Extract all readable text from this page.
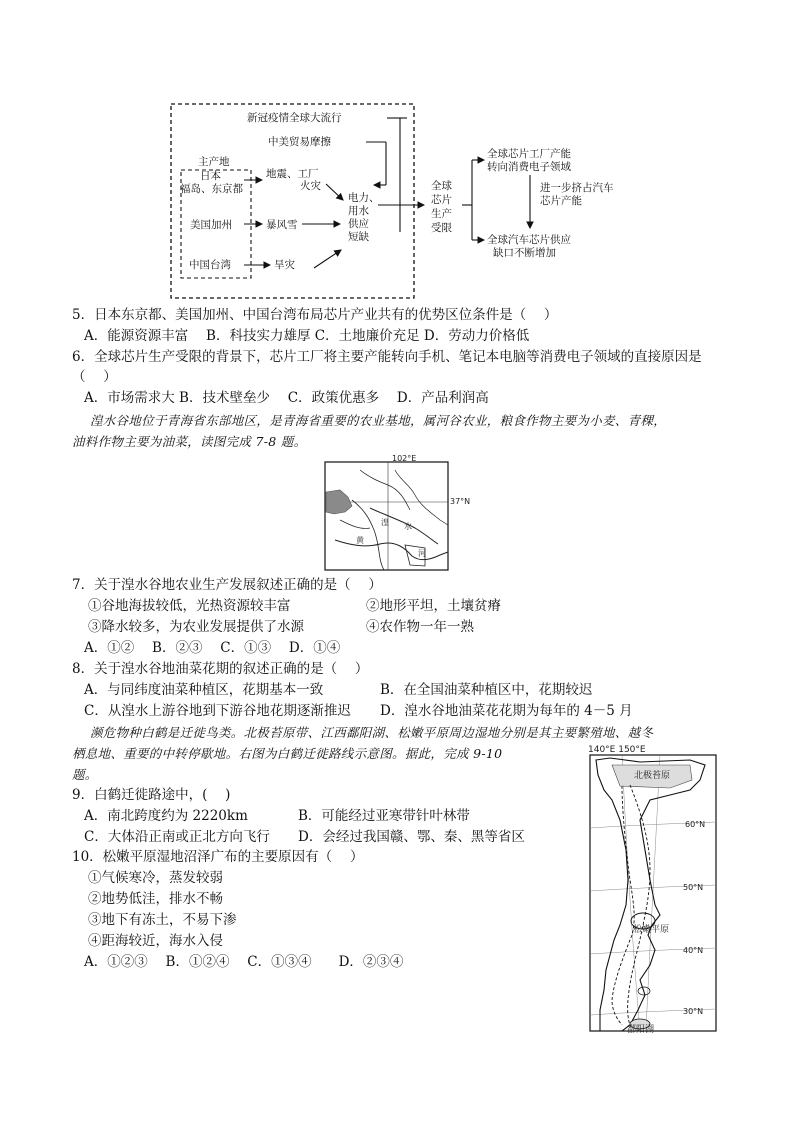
主产地
日本
福岛、东京都
美国加州
中国台湾
地震、工厂
火灾
暴风雪
旱灾
新冠疫情全球大流行
中美贸易摩擦
电力、
用水
供应
短缺
全球
芯片
生产
受限
全球芯片工厂产能
转向消费电子领域
进一步挤占汽车
芯片产能
全球汽车芯片供应
缺口不断增加
5．日本东京都、美国加州、中国台湾布局芯片产业共有的优势区位条件是（　 ）
A．能源资源丰富　 B．科技实力雄厚 C．土地廉价充足 D．劳动力价格低
6．全球芯片生产受限的背景下，芯片工厂将主要产能转向手机、笔记本电脑等消费电子领域的直接原因是
（　 ）
A．市场需求大 B．技术壁垒少　 C．政策优惠多　 D．产品利润高
湟水谷地位于青海省东部地区，是青海省重要的农业基地，属河谷农业，粮食作物主要为小麦、青稞，
油料作物主要为油菜，读图完成 7-8 题。
102°E
37°N
湟 水
黄
河
7．关于湟水谷地农业生产发展叙述正确的是（　 ）
①谷地海拔较低，光热资源较丰富	②地形平坦，土壤贫瘠
③降水较多，为农业发展提供了水源	④农作物一年一熟
A．①②　 B．②③　 C．①③　 D．①④
8．关于湟水谷地油菜花期的叙述正确的是（　 ）
A．与同纬度油菜种植区，花期基本一致	B．在全国油菜种植区中，花期较迟
C．从湟水上游谷地到下游谷地花期逐渐推迟 D．湟水谷地油菜花花期为每年的 4－5 月
濒危物种白鹤是迁徙鸟类。北极苔原带、江西鄱阳湖、松嫩平原周边湿地分别是其主要繁殖地、越冬
栖息地、重要的中转停歇地。右图为白鹤迁徙路线示意图。据此，完成 9-10
题。
9．白鹤迁徙路途中，(　 )
A．南北跨度约为 2220km	B．可能经过亚寒带针叶林带
C．大体沿正南或正北方向飞行 D．会经过我国赣、鄂、秦、黑等省区
10．松嫩平原湿地沼泽广布的主要原因有（　 ）
①气候寒冷，蒸发较弱
②地势低洼，排水不畅
③地下有冻土，不易下渗
④距海较近，海水入侵
A．①②③　 B．①②④　 C．①③④　　D．②③④
140°E 150°E
北极苔原
60°N
50°N
松嫩平原
40°N
30°N
鄱阳湖
